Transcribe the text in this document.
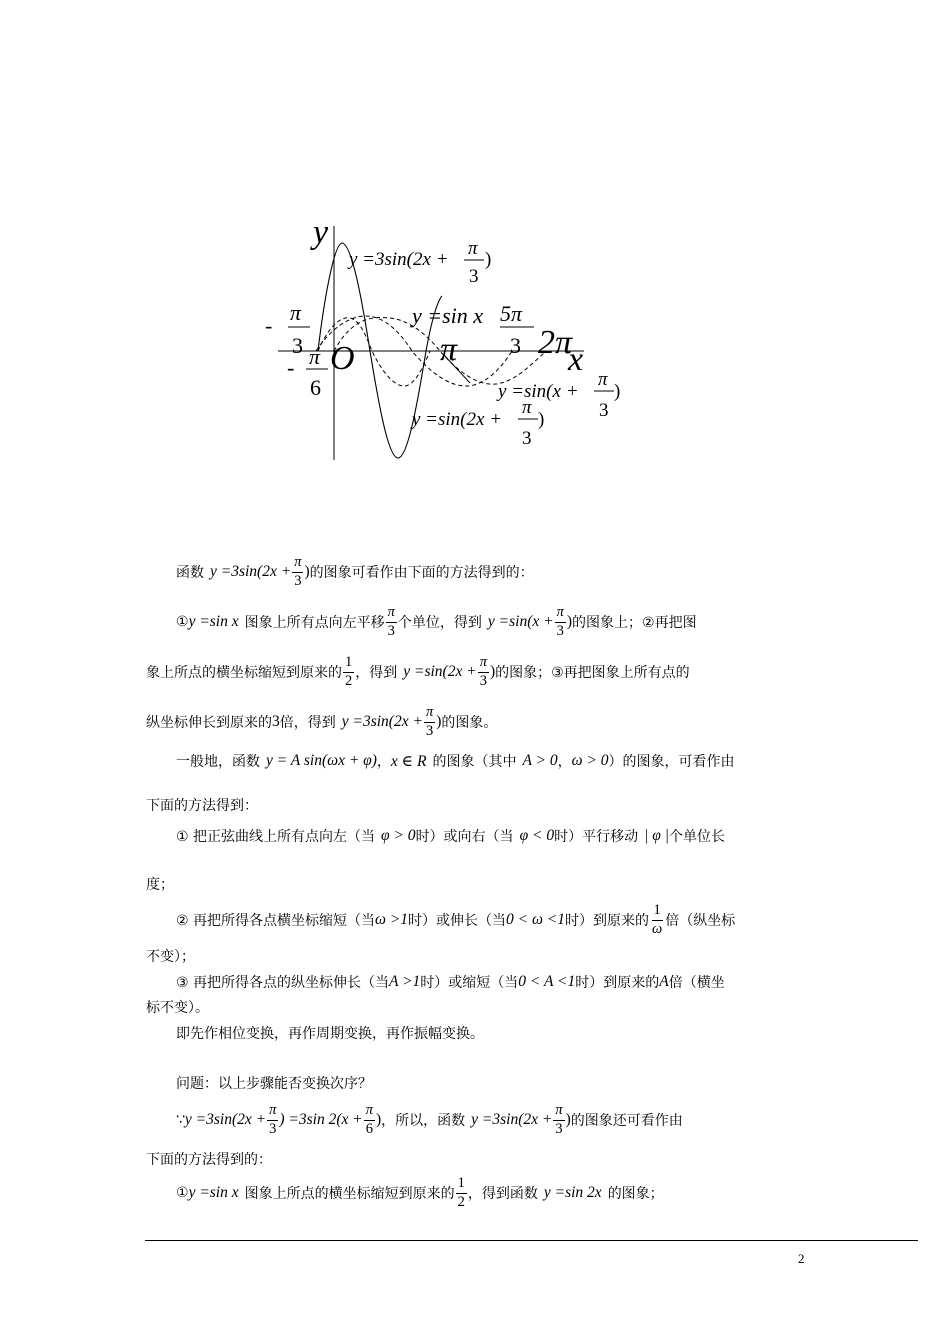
y
x
O
-
π
3
- π
6
π
5π
3 2π
y =3sin(2x +
π
3
)
y =sin x
y =sin(x +
π
3
)
y =sin(2x +
π
3
)
函数 $y =3\sin(2x + \frac{\pi}{3}$ ) 的图象可看作由下面的方法得到的：
① y =sin x 图象上所有点向左平移 $\frac{\pi}{3}$ 个单位，得到 $y =\sin(x + \frac{\pi}{3}$ ) 的图象上；②再把图
象上所点的横坐标缩短到原来的 $\frac{1}{2}$ ，得到 $y =\sin(2x + \frac{\pi}{3}$ ) 的图象；③再把图象上所有点的
纵坐标伸长到原来的 3 倍，得到 $y =3\sin(2x + \frac{\pi}{3}$ ) 的图象。
一般地，函数 y = A sin(ωx + φ) ， x ∈ R 的图象（其中 A > 0 ， ω > 0 ）的图象，可看作由
下面的方法得到：
① 把正弦曲线上所有点向左（当 φ > 0 时）或向右（当 φ < 0 时）平行移动 | φ | 个单位长
度；
② 再把所得各点横坐标缩短（当 ω >1 时）或伸长（当 0 < ω <1 时）到原来的 $\frac{1}{\omega}$ 倍（纵坐标
不变）；
③ 再把所得各点的纵坐标伸长（当 A >1 时）或缩短（当 0 < A <1 时）到原来的 A 倍（横坐
标不变）。
即先作相位变换，再作周期变换，再作振幅变换。
问题：以上步骤能否变换次序？
∵ $y =3\sin(2x + \frac{\pi}{3}$ ) =3sin $2(x + \frac{\pi}{6}$ ) ，所以，函数 $y =3\sin(2x + \frac{\pi}{3}$ ) 的图象还可看作由
下面的方法得到的：
① y =sin x 图象上所点的横坐标缩短到原来的 $\frac{1}{2}$ ，得到函数 y =sin 2x 的图象；
2
